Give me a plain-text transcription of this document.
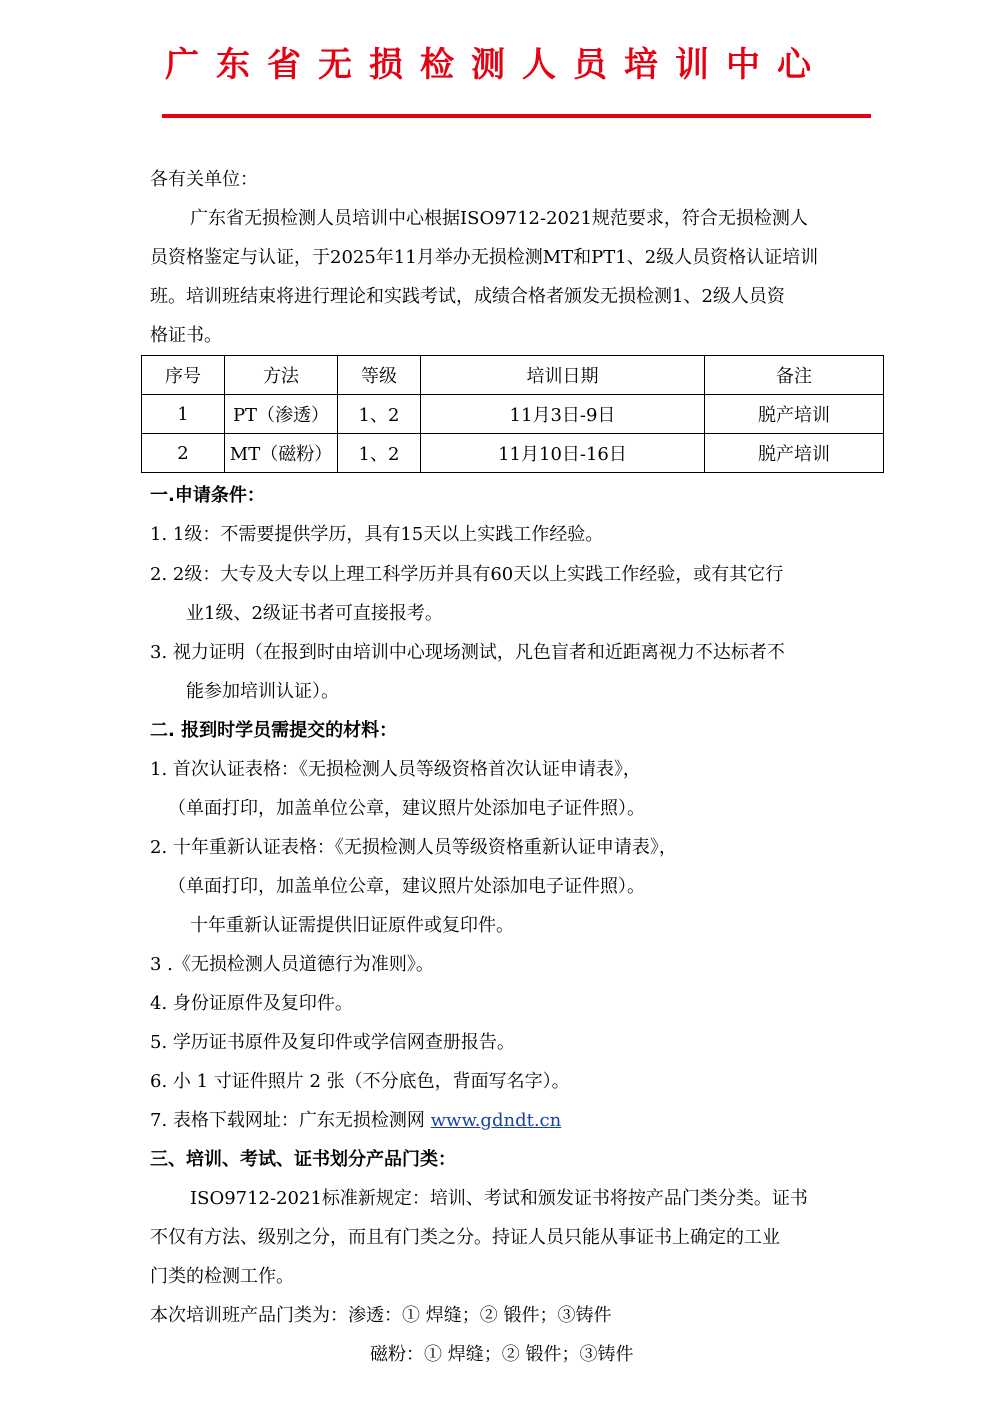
广东省无损检测人员培训中心
各有关单位：
广东省无损检测人员培训中心根据ISO9712-2021规范要求，符合无损检测人
员资格鉴定与认证，于2025年11月举办无损检测MT和PT1、2级人员资格认证培训
班。培训班结束将进行理论和实践考试，成绩合格者颁发无损检测1、2级人员资
格证书。
序号	方法	等级	培训日期	备注
1	PT（渗透）	1、2	11月3日-9日	脱产培训
2	MT（磁粉）	1、2	11月10日-16日	脱产培训
一.申请条件：
1. 1级：不需要提供学历，具有15天以上实践工作经验。
2. 2级：大专及大专以上理工科学历并具有60天以上实践工作经验，或有其它行
业1级、2级证书者可直接报考。
3. 视力证明（在报到时由培训中心现场测试，凡色盲者和近距离视力不达标者不
能参加培训认证）。
二. 报到时学员需提交的材料：
1. 首次认证表格：《无损检测人员等级资格首次认证申请表》，
（单面打印，加盖单位公章，建议照片处添加电子证件照）。
2. 十年重新认证表格：《无损检测人员等级资格重新认证申请表》，
（单面打印，加盖单位公章，建议照片处添加电子证件照）。
十年重新认证需提供旧证原件或复印件。
3 .《无损检测人员道德行为准则》。
4. 身份证原件及复印件。
5. 学历证书原件及复印件或学信网查册报告。
6. 小 1 寸证件照片 2 张（不分底色，背面写名字）。
7. 表格下载网址：广东无损检测网 www.gdndt.cn
三、培训、考试、证书划分产品门类：
ISO9712-2021标准新规定：培训、考试和颁发证书将按产品门类分类。证书
不仅有方法、级别之分，而且有门类之分。持证人员只能从事证书上确定的工业
门类的检测工作。
本次培训班产品门类为：渗透：① 焊缝；② 锻件；③铸件
磁粉：① 焊缝；② 锻件；③铸件
